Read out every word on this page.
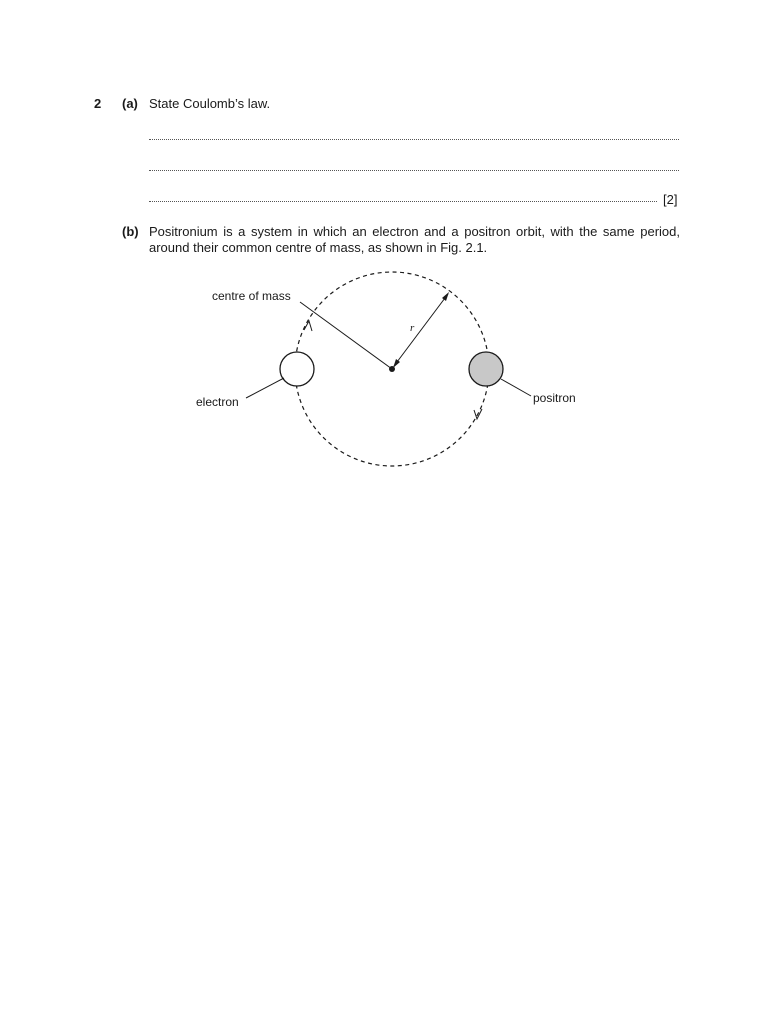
2 (a) State Coulomb’s law.
[2]
(b) Positronium is a system in which an electron and a positron orbit, with the same period,
around their common centre of mass, as shown in Fig. 2.1.
centre of mass
r
electron	positron
